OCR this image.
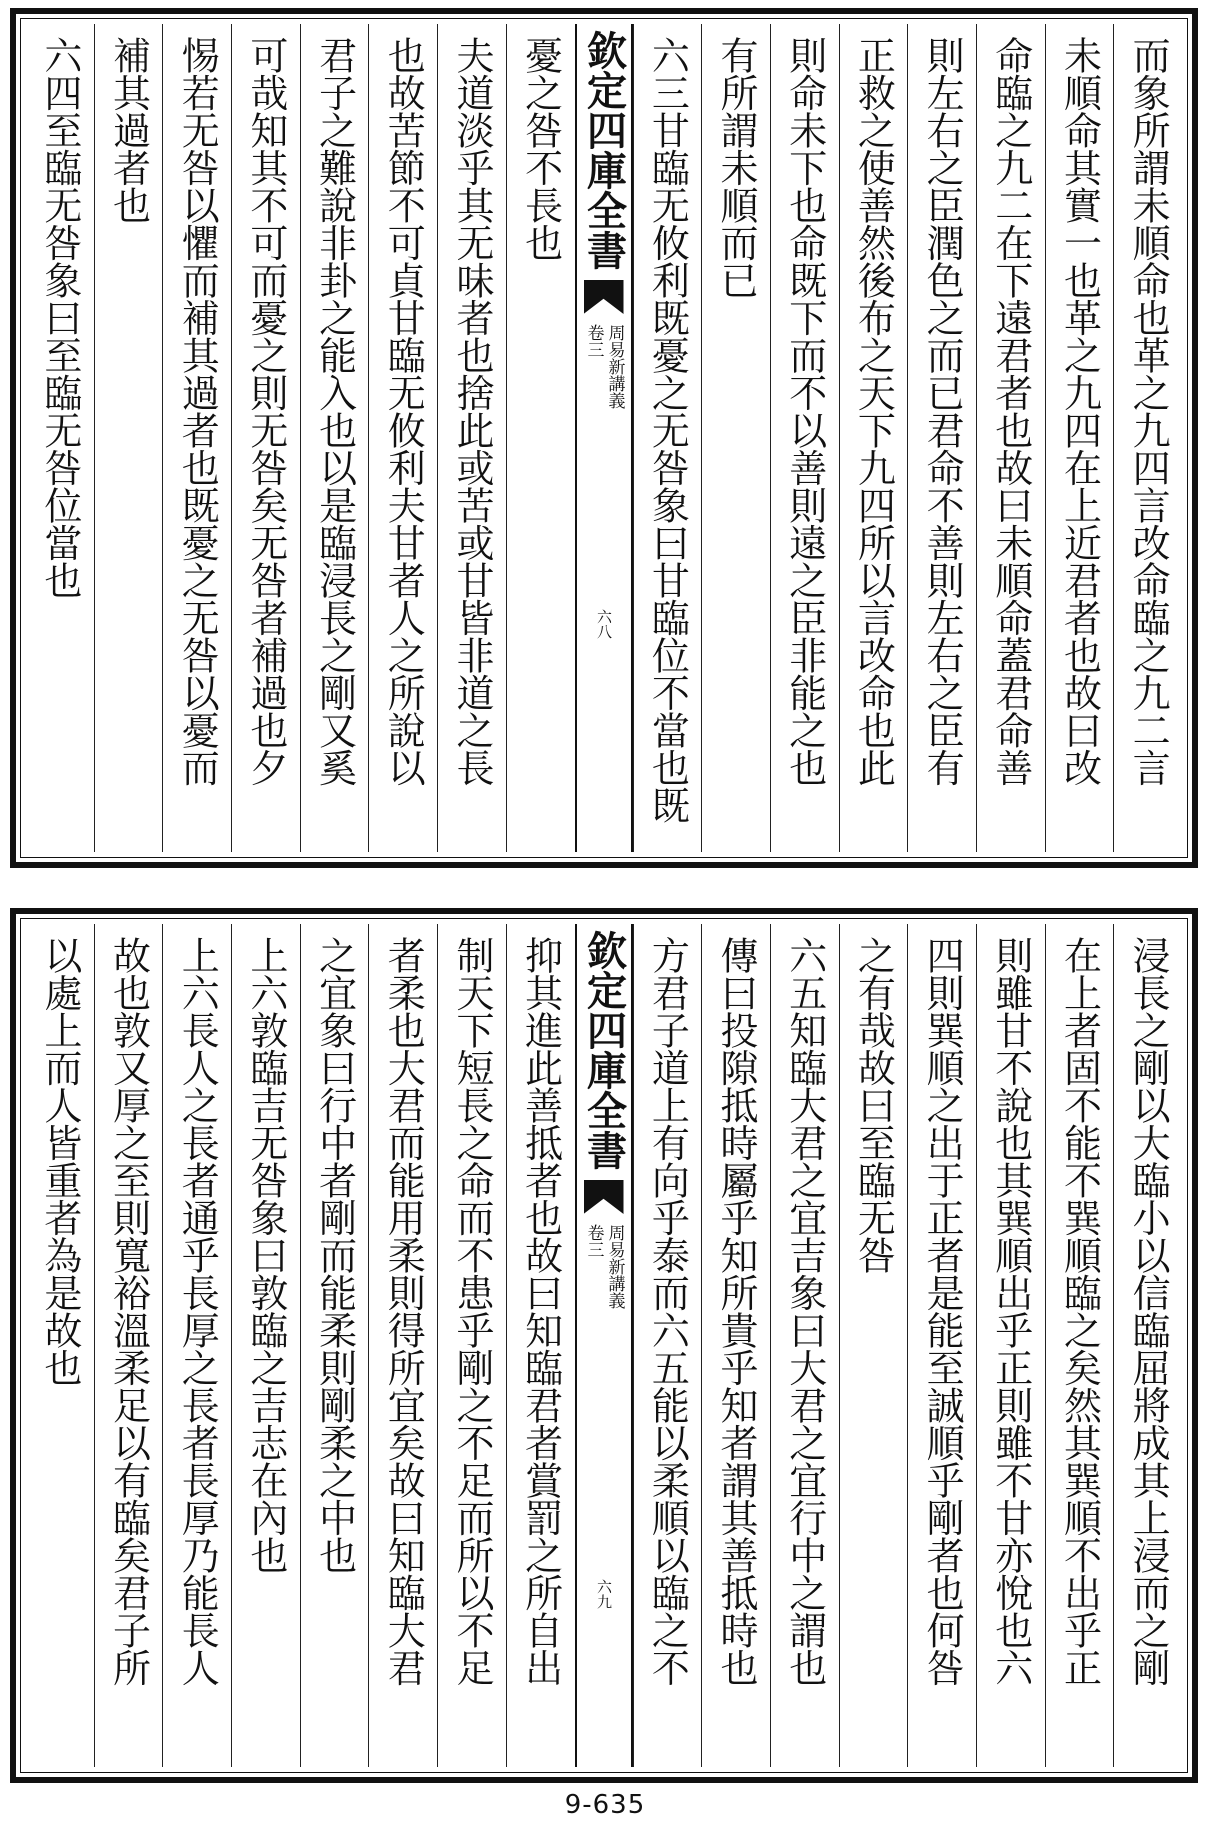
而象所謂未順命也革之九四言改命臨之九二言
未順命其實一也革之九四在上近君者也故曰改
命臨之九二在下遠君者也故曰未順命蓋君命善
則左右之臣潤色之而已君命不善則左右之臣有
正救之使善然後布之天下九四所以言改命也此
則命未下也命既下而不以善則遠之臣非能之也
有所謂未順而已
六三甘臨无攸利既憂之无咎象曰甘臨位不當也既
欽定四庫全書
周易新講義
卷三
六八
憂之咎不長也
夫道淡乎其无味者也捨此或苦或甘皆非道之長
也故苦節不可貞甘臨无攸利夫甘者人之所說以
君子之難說非卦之能入也以是臨浸長之剛又奚
可哉知其不可而憂之則无咎矣无咎者補過也夕
惕若无咎以懼而補其過者也既憂之无咎以憂而
補其過者也
六四至臨无咎象曰至臨无咎位當也
浸長之剛以大臨小以信臨屈將成其上浸而之剛
在上者固不能不巽順臨之矣然其巽順不出乎正
則雖甘不說也其巽順出乎正則雖不甘亦悅也六
四則巽順之出于正者是能至誠順乎剛者也何咎
之有哉故曰至臨无咎
六五知臨大君之宜吉象曰大君之宜行中之謂也
傳曰投隙抵時屬乎知所貴乎知者謂其善抵時也
方君子道上有向乎泰而六五能以柔順以臨之不
欽定四庫全書
周易新講義
卷三
六九
抑其進此善抵者也故曰知臨君者賞罰之所自出
制天下短長之命而不患乎剛之不足而所以不足
者柔也大君而能用柔則得所宜矣故曰知臨大君
之宜象曰行中者剛而能柔則剛柔之中也
上六敦臨吉无咎象曰敦臨之吉志在內也
上六長人之長者通乎長厚之長者長厚乃能長人
故也敦又厚之至則寬裕溫柔足以有臨矣君子所
以處上而人皆重者為是故也
9-635
